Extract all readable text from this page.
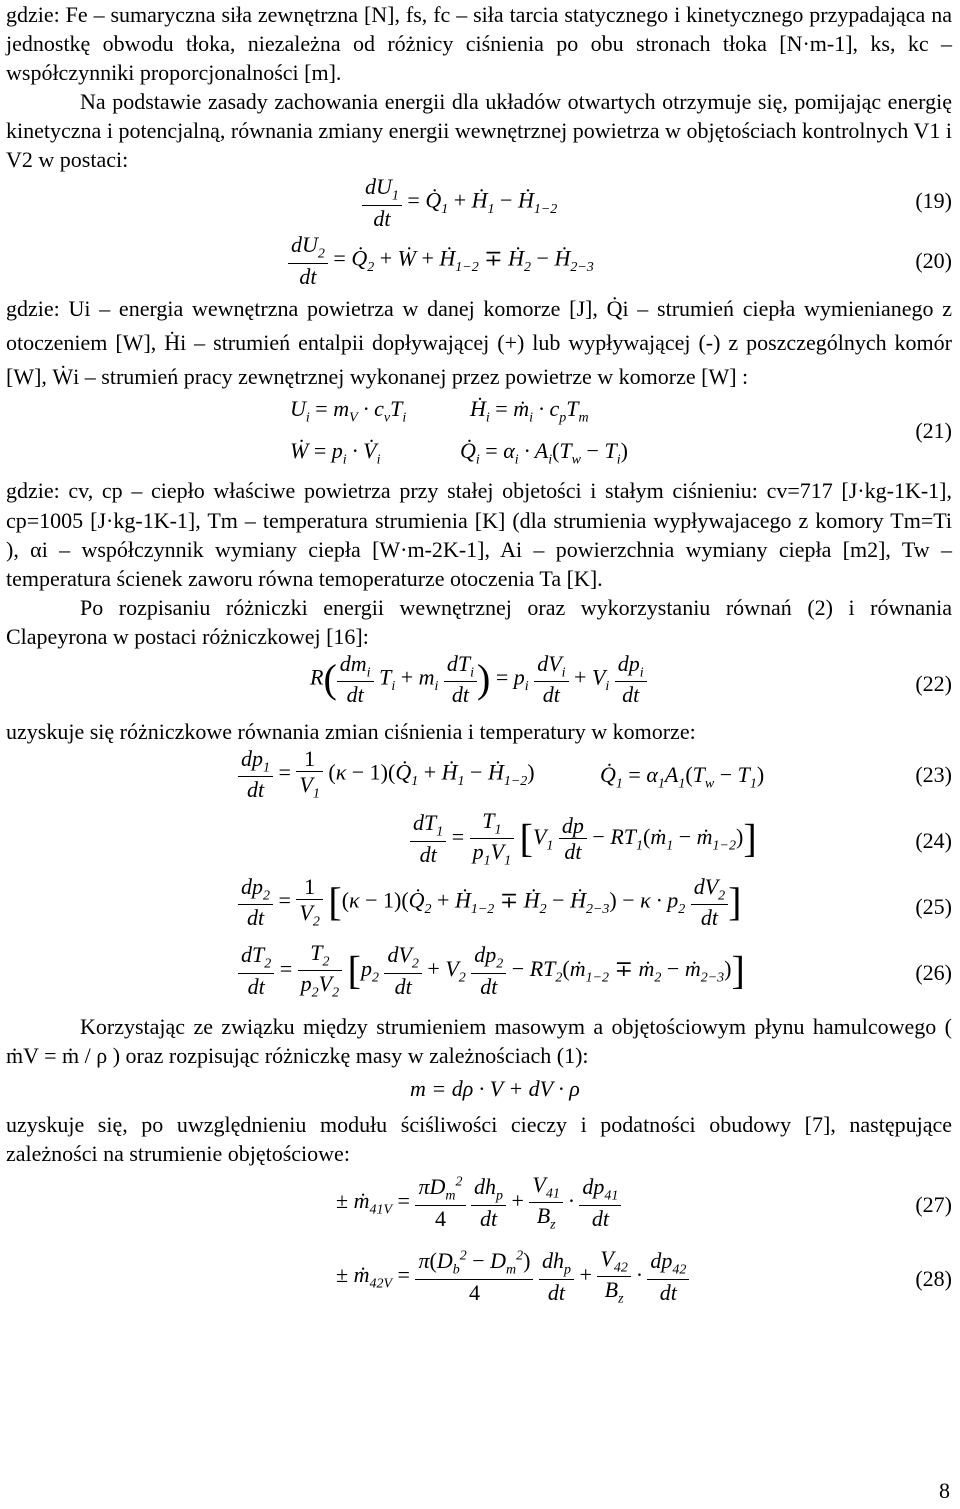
gdzie: Fe – sumaryczna siła zewnętrzna [N], fs, fc – siła tarcia statycznego i kinetycznego przypadająca na jednostkę obwodu tłoka, niezależna od różnicy ciśnienia po obu stronach tłoka [N·m-1], ks, kc – współczynniki proporcjonalności [m].

Na podstawie zasady zachowania energii dla układów otwartych otrzymuje się, pomijając energię kinetyczna i potencjalną, równania zmiany energii wewnętrznej powietrza w objętościach kontrolnych V1 i V2 w postaci:

$\frac{dU_1}{dt}$ = $Q̇_1$ + Ḣ$_1$ − Ḣ$_{1-2}$	(19)
$\frac{dU_2}{dt}$ = $Q̇_2$ + Ẇ + Ḣ$_{1-2}$ ∓ Ḣ$_2$ − Ḣ$_{2-3}$	(20)

gdzie: Ui – energia wewnętrzna powietrza w danej komorze [J], Q̇i – strumień ciepła wymienianego z otoczeniem [W], Ḣi – strumień entalpii dopływającej (+) lub wypływającej (-) z poszczególnych komór [W], Ẇi – strumień pracy zewnętrznej wykonanej przez powietrze w komorze [W] :

$U_i = m_V \cdot c_vT_i$	Ḣ$_i$ = ṁ$_i$ · $c_pT_m$
Ẇ = $p_i$ · $V̇_i$	$Q̇_i = \alpha_i \cdot A_i(T_w - T_i)$
(21)

gdzie: cv, cp – ciepło właściwe powietrza przy stałej objetości i stałym ciśnieniu: cv=717 [J·kg-1K-1], cp=1005 [J·kg-1K-1], Tm – temperatura strumienia [K] (dla strumienia wypływajacego z komory Tm=Ti ), αi – współczynnik wymiany ciepła [W·m-2K-1], Ai – powierzchnia wymiany ciepła [m2], Tw – temperatura ścienek zaworu równa temoperaturze otoczenia Ta [K].

Po rozpisaniu różniczki energii wewnętrznej oraz wykorzystaniu równań (2) i równania Clapeyrona w postaci różniczkowej [16]:

$R( \frac{dm_i}{dt} T_i + m_i \frac{dT_i}{dt}$ ) = $p_i \frac{dV_i}{dt} + V_i \frac{dp_i}{dt}$	(22)

uzyskuje się różniczkowe równania zmian ciśnienia i temperatury w komorze:

$\frac{dp_1}{dt} = \frac{1}{V_1} (\kappa$ − $1)(Q̇_1$ + Ḣ$_1$ − Ḣ$_{1-2}$)	$Q̇_1 = \alpha_1A_1(T_w - T_1)$	(23)
$\frac{dT_1}{dt} = \frac{T_1}{p_1V_1} [V_1 \frac{dp}{dt}$ − $RT_1(ṁ_1$ − ṁ$_{1-2}$)]	(24)
$\frac{dp_2}{dt} = \frac{1}{V_2} [(\kappa$ − $1)(Q̇_2$ + Ḣ$_{1-2}$ ∓ Ḣ$_2$ − Ḣ$_{2-3}$) − $\kappa \cdot p_2 \frac{dV_2}{dt}$ ]	(25)
$\frac{dT_2}{dt} = \frac{T_2}{p_2V_2} [p_2 \frac{dV_2}{dt} + V_2 \frac{dp_2}{dt}$ − $RT_2(ṁ_{1-2}$ ∓ ṁ$_2$ − ṁ$_{2-3}$)]	(26)

Korzystając ze związku między strumieniem masowym a objętościowym płynu hamulcowego ( ṁV = ṁ / ρ ) oraz rozpisując różniczkę masy w zależnościach (1):

m = dρ · V + dV · ρ

uzyskuje się, po uwzględnieniu modułu ściśliwości cieczy i podatności obudowy [7], następujące zależności na strumienie objętościowe:

± ṁ$_{41V}$ = $\frac{\pi D_m^2}{4}$
$\frac{dh_p}{dt} + \frac{V_{41}}{B_z} \cdot \frac{dp_{41}}{dt}$	(27)
± ṁ$_{42V}$ = $\frac{\pi(D_b^2 - D_m^2)}{4}$
$\frac{dh_p}{dt} + \frac{V_{42}}{B_z} \cdot \frac{dp_{42}}{dt}$	(28)
8
